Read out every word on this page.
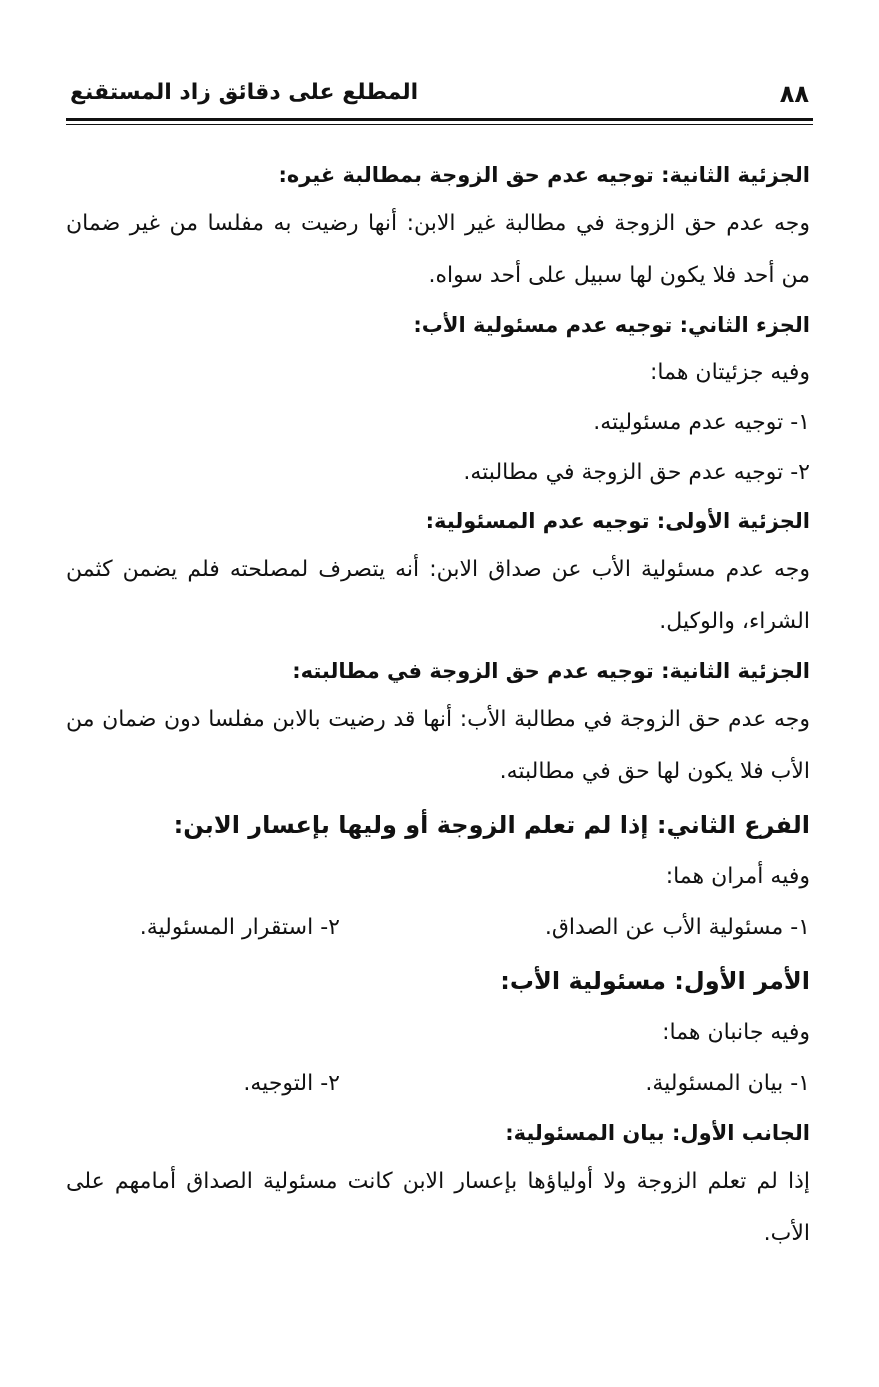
٨٨
المطلع على دقائق زاد المستقنع
الجزئية الثانية: توجيه عدم حق الزوجة بمطالبة غيره:

وجه عدم حق الزوجة في مطالبة غير الابن: أنها رضيت به مفلسا من غير ضمان من أحد فلا يكون لها سبيل على أحد سواه.

الجزء الثاني: توجيه عدم مسئولية الأب:
وفيه جزئيتان هما:
١- توجيه عدم مسئوليته.
٢- توجيه عدم حق الزوجة في مطالبته.
الجزئية الأولى: توجيه عدم المسئولية:

وجه عدم مسئولية الأب عن صداق الابن: أنه يتصرف لمصلحته فلم يضمن كثمن الشراء، والوكيل.

الجزئية الثانية: توجيه عدم حق الزوجة في مطالبته:

وجه عدم حق الزوجة في مطالبة الأب: أنها قد رضيت بالابن مفلسا دون ضمان من الأب فلا يكون لها حق في مطالبته.

الفرع الثاني: إذا لم تعلم الزوجة أو وليها بإعسار الابن:
وفيه أمران هما:
١- مسئولية الأب عن الصداق.
٢- استقرار المسئولية.
الأمر الأول: مسئولية الأب:
وفيه جانبان هما:
١- بيان المسئولية.
٢- التوجيه.
الجانب الأول: بيان المسئولية:

إذا لم تعلم الزوجة ولا أولياؤها بإعسار الابن كانت مسئولية الصداق أمامهم على الأب.
